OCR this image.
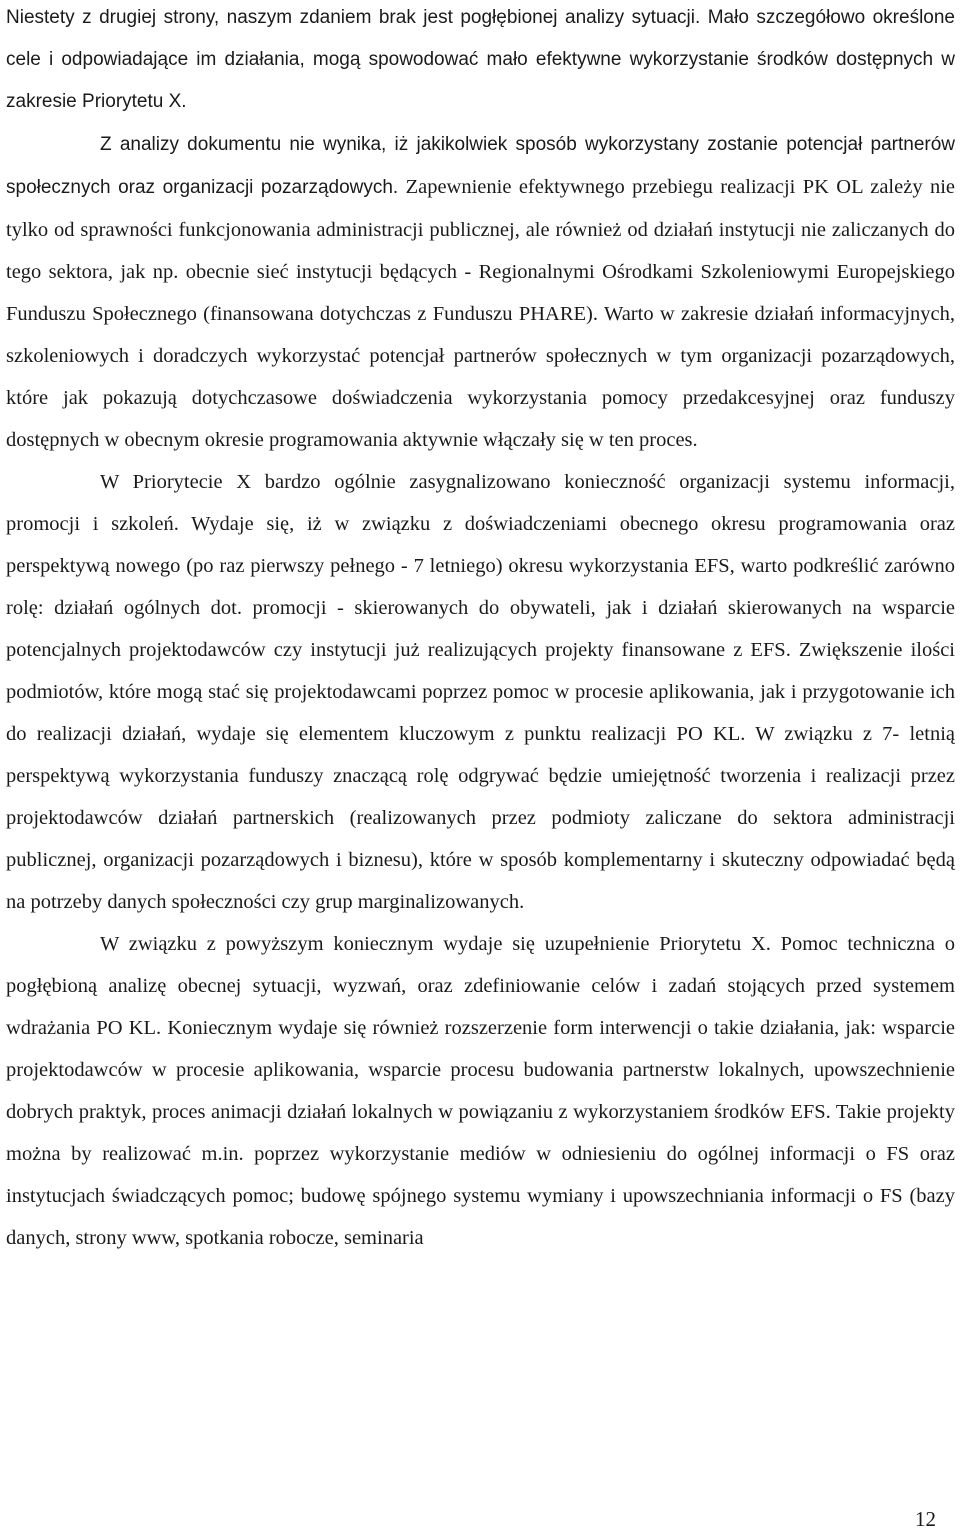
Niestety z drugiej strony, naszym zdaniem brak jest pogłębionej analizy sytuacji. Mało szczegółowo określone cele i odpowiadające im działania, mogą spowodować mało efektywne wykorzystanie środków dostępnych w zakresie Priorytetu X.

Z analizy dokumentu nie wynika, iż jakikolwiek sposób wykorzystany zostanie potencjał partnerów społecznych oraz organizacji pozarządowych. Zapewnienie efektywnego przebiegu realizacji PK OL zależy nie tylko od sprawności funkcjonowania administracji publicznej, ale również od działań instytucji nie zaliczanych do tego sektora, jak np. obecnie sieć instytucji będących - Regionalnymi Ośrodkami Szkoleniowymi Europejskiego Funduszu Społecznego (finansowana dotychczas z Funduszu PHARE). Warto w zakresie działań informacyjnych, szkoleniowych i doradczych wykorzystać potencjał partnerów społecznych w tym organizacji pozarządowych, które jak pokazują dotychczasowe doświadczenia wykorzystania pomocy przedakcesyjnej oraz funduszy dostępnych w obecnym okresie programowania aktywnie włączały się w ten proces.

W Priorytecie X bardzo ogólnie zasygnalizowano konieczność organizacji systemu informacji, promocji i szkoleń. Wydaje się, iż w związku z doświadczeniami obecnego okresu programowania oraz perspektywą nowego (po raz pierwszy pełnego - 7 letniego) okresu wykorzystania EFS, warto podkreślić zarówno rolę: działań ogólnych dot. promocji - skierowanych do obywateli, jak i działań skierowanych na wsparcie potencjalnych projektodawców czy instytucji już realizujących projekty finansowane z EFS. Zwiększenie ilości podmiotów, które mogą stać się projektodawcami poprzez pomoc w procesie aplikowania, jak i przygotowanie ich do realizacji działań, wydaje się elementem kluczowym z punktu realizacji PO KL. W związku z 7- letnią perspektywą wykorzystania funduszy znaczącą rolę odgrywać będzie umiejętność tworzenia i realizacji przez projektodawców działań partnerskich (realizowanych przez podmioty zaliczane do sektora administracji publicznej, organizacji pozarządowych i biznesu), które w sposób komplementarny i skuteczny odpowiadać będą na potrzeby danych społeczności czy grup marginalizowanych.

W związku z powyższym koniecznym wydaje się uzupełnienie Priorytetu X. Pomoc techniczna o pogłębioną analizę obecnej sytuacji, wyzwań, oraz zdefiniowanie celów i zadań stojących przed systemem wdrażania PO KL. Koniecznym wydaje się również rozszerzenie form interwencji o takie działania, jak: wsparcie projektodawców w procesie aplikowania, wsparcie procesu budowania partnerstw lokalnych, upowszechnienie dobrych praktyk, proces animacji działań lokalnych w powiązaniu z wykorzystaniem środków EFS. Takie projekty można by realizować m.in. poprzez wykorzystanie mediów w odniesieniu do ogólnej informacji o FS oraz instytucjach świadczących pomoc; budowę spójnego systemu wymiany i upowszechniania informacji o FS (bazy danych, strony www, spotkania robocze, seminaria

12
